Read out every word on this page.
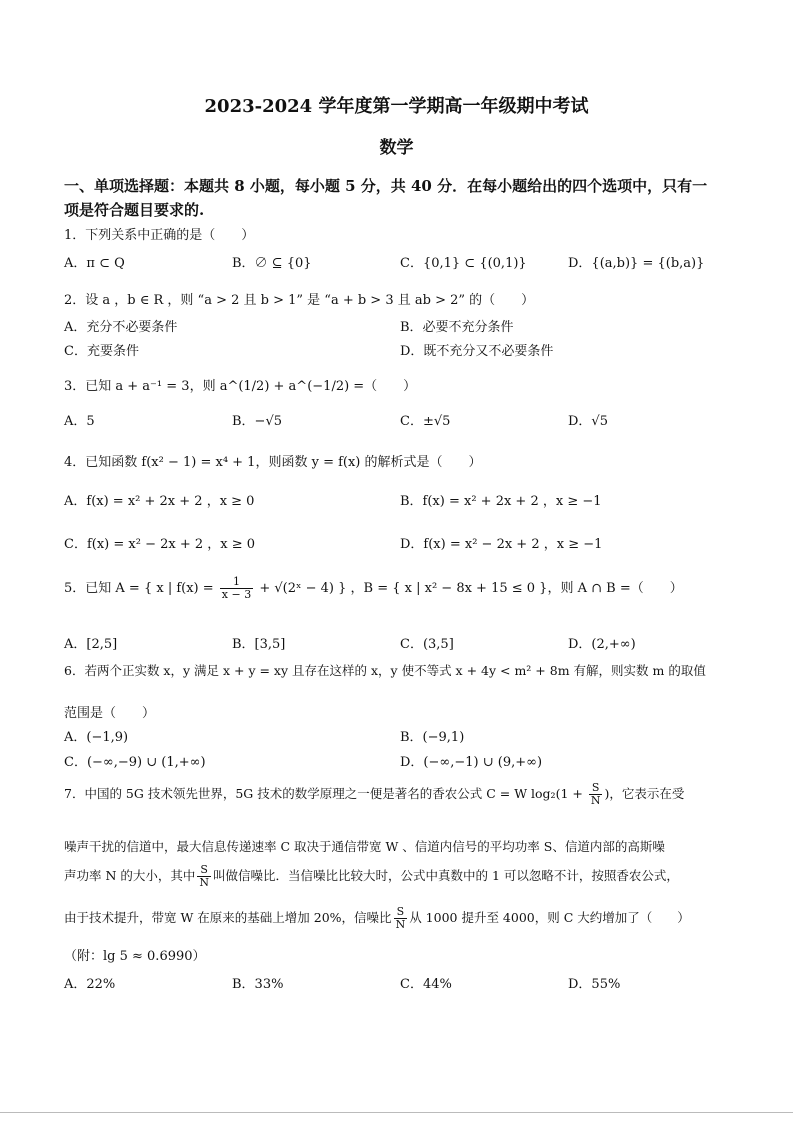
2023-2024 学年度第一学期高一年级期中考试
数学
一、单项选择题：本题共 8 小题，每小题 5 分，共 40 分．在每小题给出的四个选项中，只有一
项是符合题目要求的.
1．下列关系中正确的是（　　）
A．π ⊂ Q	B．∅ ⊆ {0}	C．{0,1} ⊂ {(0,1)}	D．{(a,b)} = {(b,a)}
2．设 a ，b ∈ R ，则 “a > 2 且 b > 1” 是 “a + b > 3 且 ab > 2” 的（　　）
A．充分不必要条件	B．必要不充分条件
C．充要条件	D．既不充分又不必要条件
3．已知 a + a⁻¹ = 3，则 a^(1/2) + a^(−1/2) =（　　）
A．5	B．−√5	C．±√5	D．√5
4．已知函数 f(x² − 1) = x⁴ + 1，则函数 y = f(x) 的解析式是（　　）
A．f(x) = x² + 2x + 2 ，x ≥ 0	B．f(x) = x² + 2x + 2 ，x ≥ −1
C．f(x) = x² − 2x + 2 ，x ≥ 0	D．f(x) = x² − 2x + 2 ，x ≥ −1
5．已知 A = { x | $f(x) = \frac{1}{x - 3}$ + √(2ˣ − 4) } ，B = { x | x² − 8x + 15 ≤ 0 }，则 A ∩ B =（　　）
A．[2,5]	B．[3,5]	C．(3,5]	D．(2,+∞)
6．若两个正实数 x，y 满足 x + y = xy 且存在这样的 x，y 使不等式 x + 4y < m² + 8m 有解，则实数 m 的取值
范围是（　　）
A．(−1,9)	B．(−9,1)
C．(−∞,−9) ∪ (1,+∞)	D．(−∞,−1) ∪ (9,+∞)
7．中国的 5G 技术领先世界，5G 技术的数学原理之一便是著名的香农公式 C = W $\log_2(1 + \frac{S}{N}$ )，它表示在受
噪声干扰的信道中，最大信息传递速率 C 取决于通信带宽 W 、信道内信号的平均功率 S、信道内部的高斯噪
声功率 N 的大小，其中 $\frac{S}{N}$ 叫做信噪比．当信噪比比较大时，公式中真数中的 1 可以忽略不计，按照香农公式，
由于技术提升，带宽 W 在原来的基础上增加 20%，信噪比 $\frac{S}{N}$ 从 1000 提升至 4000，则 C 大约增加了（　　）
（附：lg 5 ≈ 0.6990）
A．22%	B．33%	C．44%	D．55%
